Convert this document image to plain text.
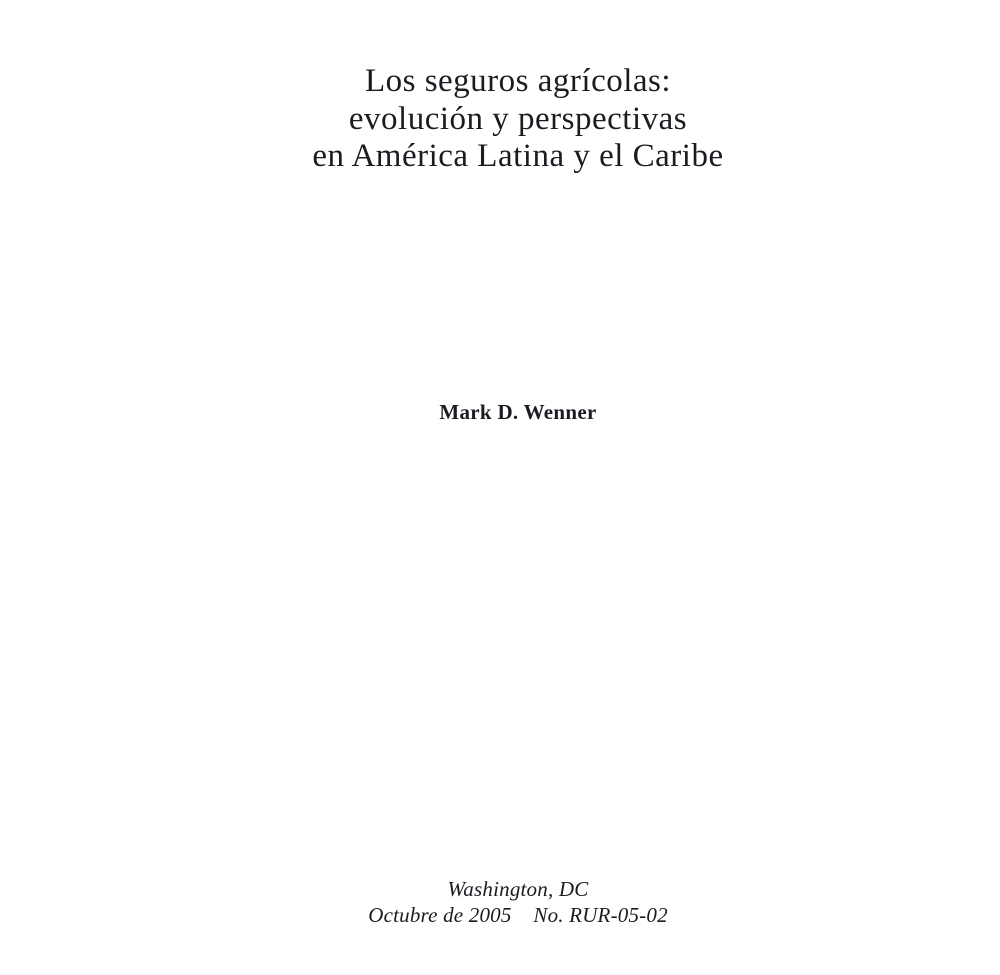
Los seguros agrícolas:
evolución y perspectivas
en América Latina y el Caribe
Mark D. Wenner
Washington, DC
Octubre de 2005    No. RUR-05-02
